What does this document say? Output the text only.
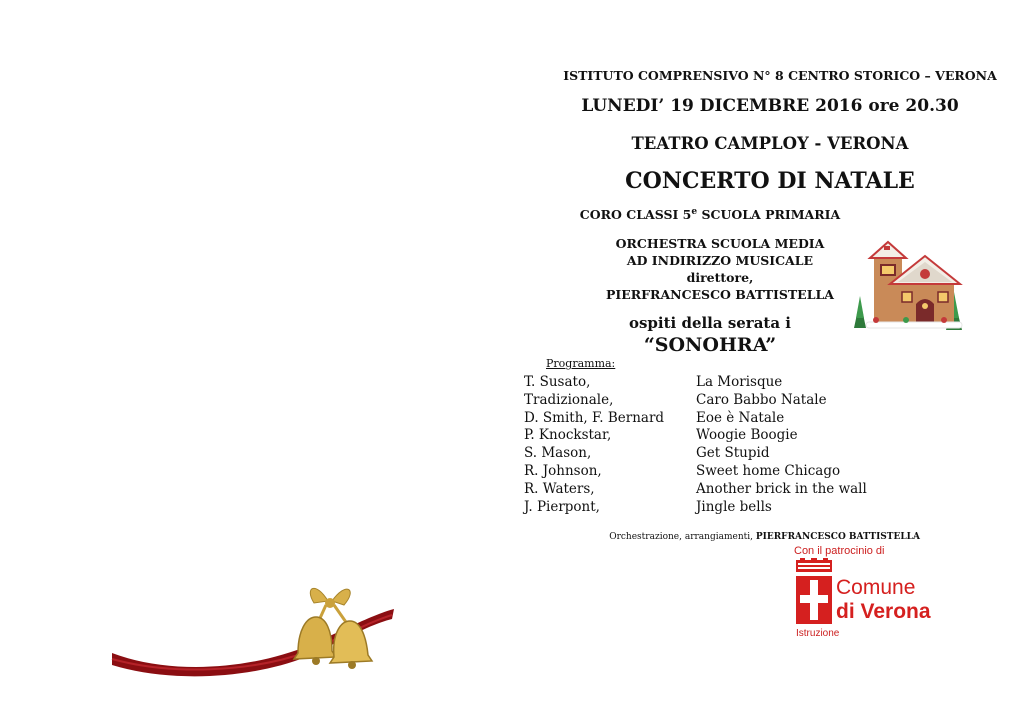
ISTITUTO COMPRENSIVO N° 8 CENTRO STORICO – VERONA
LUNEDI’ 19 DICEMBRE 2016 ore 20.30
TEATRO CAMPLOY - VERONA
CONCERTO DI NATALE
CORO CLASSI 5e SCUOLA PRIMARIA
ORCHESTRA SCUOLA MEDIA
AD INDIRIZZO MUSICALE
direttore,
PIERFRANCESCO BATTISTELLA
ospiti della serata i
“SONOHRA”
Programma:
T. Susato,	La Morisque
Tradizionale,	Caro Babbo Natale
D. Smith, F. Bernard	Eoe è Natale
P. Knockstar,	Woogie Boogie
S. Mason,	Get Stupid
R. Johnson,	Sweet home Chicago
R. Waters,	Another brick in the wall
J. Pierpont,	Jingle bells
Orchestrazione, arrangiamenti, PIERFRANCESCO BATTISTELLA
Con il patrocinio di
Comune
di Verona
Istruzione
